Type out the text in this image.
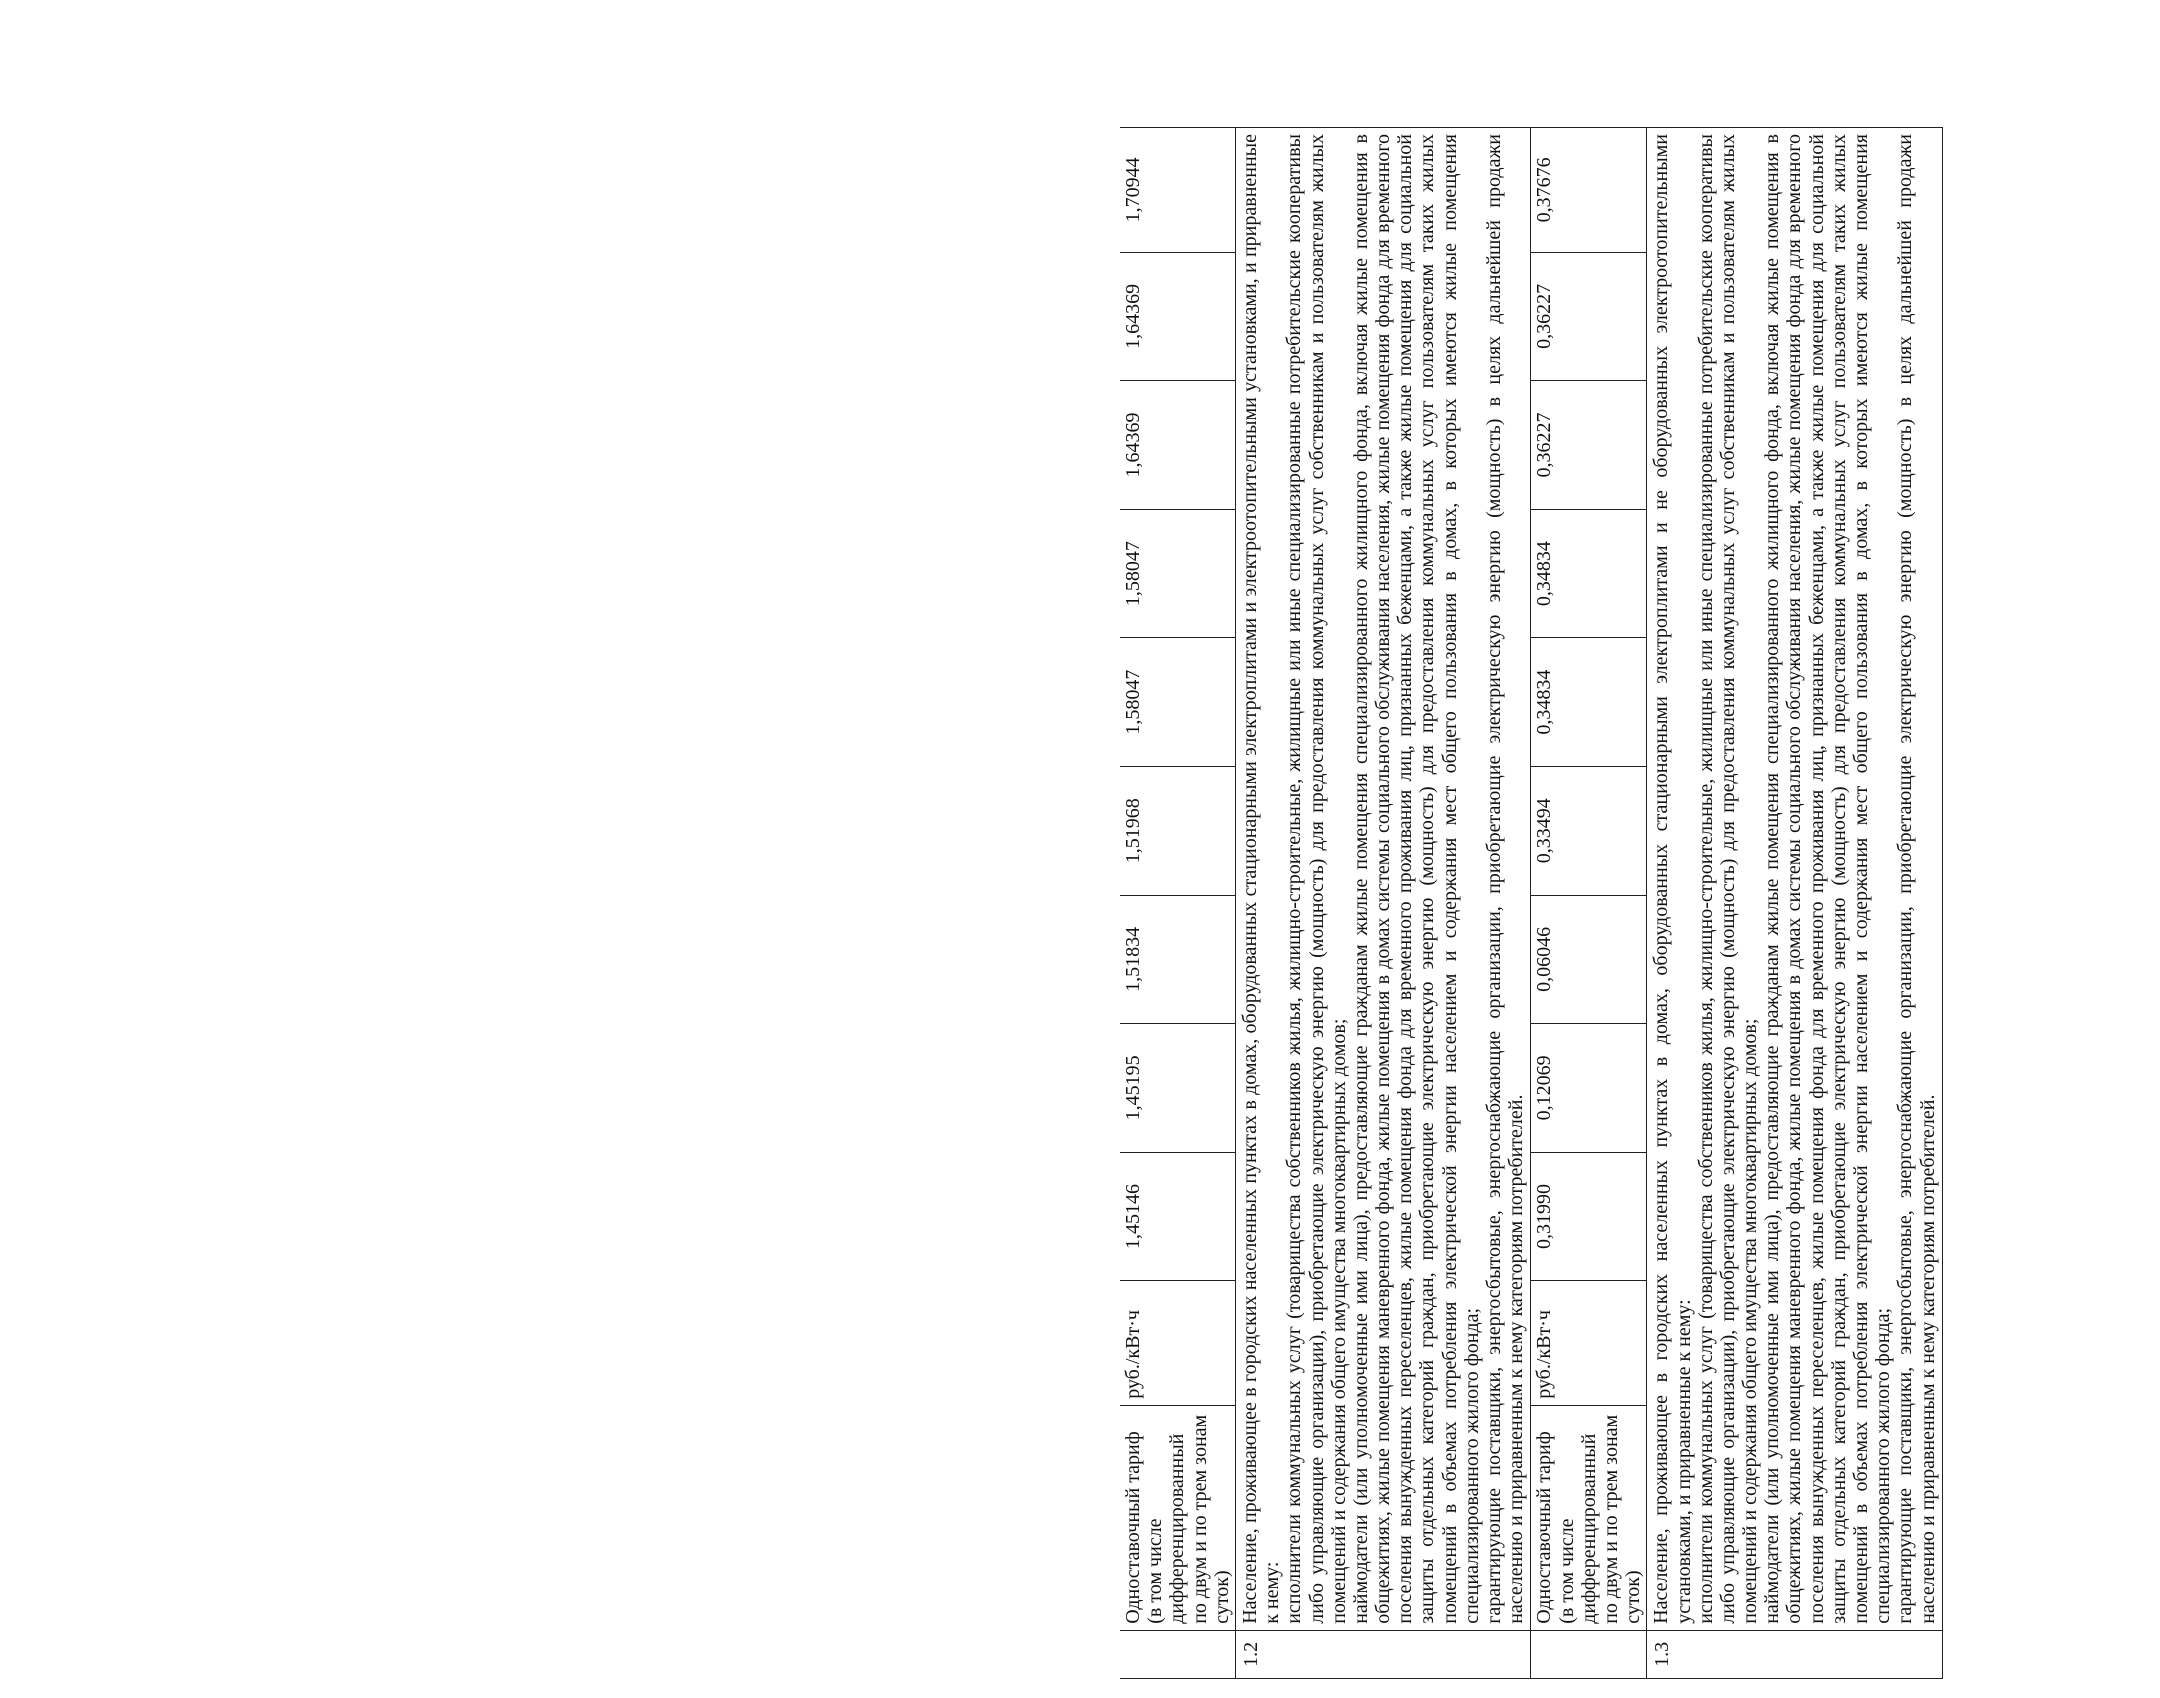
	Одноставочный тариф (в том числе дифференцированный по двум и по трем зонам суток)	руб./кВт·ч	1,45146	1,45195	1,51834	1,51968	1,58047	1,58047	1,64369	1,64369	1,70944
1.2	Население, проживающее в городских населенных пунктах в домах, оборудованных стационарными электроплитами и электроотопительными установками, и приравненные к нему: исполнители коммунальных услуг (товарищества собственников жилья, жилищно-строительные, жилищные или иные специализированные потребительские кооперативы либо управляющие организации), приобретающие электрическую энергию (мощность) для предоставления коммунальных услуг собственникам и пользователям жилых помещений и содержания общего имущества многоквартирных домов; наймодатели (или уполномоченные ими лица), предоставляющие гражданам жилые помещения специализированного жилищного фонда, включая жилые помещения в общежитиях, жилые помещения маневренного фонда, жилые помещения в домах системы социального обслуживания населения, жилые помещения фонда для временного поселения вынужденных переселенцев, жилые помещения фонда для временного проживания лиц, признанных беженцами, а также жилые помещения для социальной защиты отдельных категорий граждан, приобретающие электрическую энергию (мощность) для предоставления коммунальных услуг пользователям таких жилых помещений в объемах потребления электрической энергии населением и содержания мест общего пользования в домах, в которых имеются жилые помещения специализированного жилого фонда; гарантирующие поставщики, энергосбытовые, энергоснабжающие организации, приобретающие электрическую энергию (мощность) в целях дальнейшей продажи населению и приравненным к нему категориям потребителей.										

	Одноставочный тариф (в том числе дифференцированный по двум и по трем зонам суток)	руб./кВт·ч	0,31990	0,12069	0,06046	0,33494	0,34834	0,34834	0,36227	0,36227	0,37676
1.3	Население, проживающее в городских населенных пунктах в домах, оборудованных стационарными электроплитами и не оборудованных электроотопительными установками, и приравненные к нему: исполнители коммунальных услуг (товарищества собственников жилья, жилищно-строительные, жилищные или иные специализированные потребительские кооперативы либо управляющие организации), приобретающие электрическую энергию (мощность) для предоставления коммунальных услуг собственникам и пользователям жилых помещений и содержания общего имущества многоквартирных домов; наймодатели (или уполномоченные ими лица), предоставляющие гражданам жилые помещения специализированного жилищного фонда, включая жилые помещения в общежитиях, жилые помещения маневренного фонда, жилые помещения в домах системы социального обслуживания населения, жилые помещения фонда для временного поселения вынужденных переселенцев, жилые помещения фонда для временного проживания лиц, признанных беженцами, а также жилые помещения для социальной защиты отдельных категорий граждан, приобретающие электрическую энергию (мощность) для предоставления коммунальных услуг пользователям таких жилых помещений в объемах потребления электрической энергии населением и содержания мест общего пользования в домах, в которых имеются жилые помещения специализированного жилого фонда; гарантирующие поставщики, энергосбытовые, энергоснабжающие организации, приобретающие электрическую энергию (мощность) в целях дальнейшей продажи населению и приравненным к нему категориям потребителей.										
